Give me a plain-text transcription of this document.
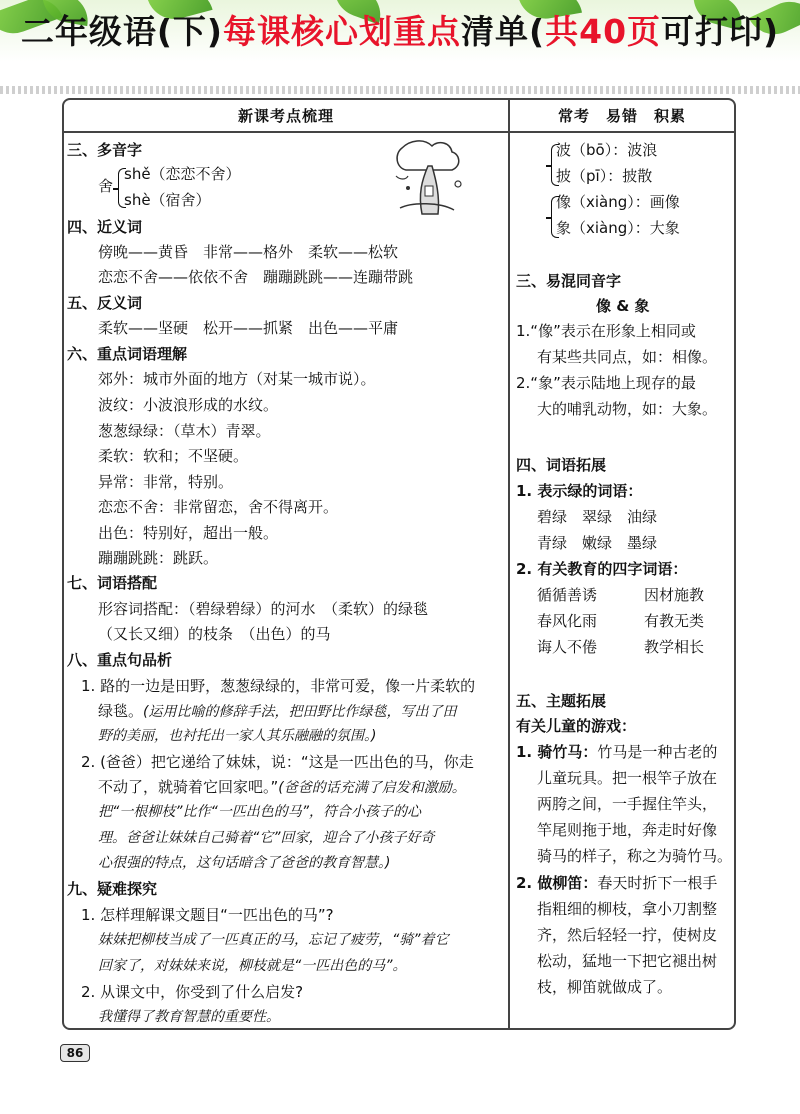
二年级语(下)每课核心划重点清单(共40页可打印)
新课考点梳理	常考　易错　积累
三、多音字
舍
shě（恋恋不舍）
shè（宿舍）
四、近义词
傍晚——黄昏　非常——格外　柔软——松软
恋恋不舍——依依不舍　蹦蹦跳跳——连蹦带跳
五、反义词
柔软——坚硬　松开——抓紧　出色——平庸
六、重点词语理解
郊外：城市外面的地方（对某一城市说）。
波纹：小波浪形成的水纹。
葱葱绿绿：（草木）青翠。
柔软：软和；不坚硬。
异常：非常，特别。
恋恋不舍：非常留恋，舍不得离开。
出色：特别好，超出一般。
蹦蹦跳跳：跳跃。
七、词语搭配
形容词搭配：（碧绿碧绿）的河水　（柔软）的绿毯
（又长又细）的枝条　（出色）的马
八、重点句品析
1. 路的一边是田野，葱葱绿绿的，非常可爱，像一片柔软的
绿毯。(运用比喻的修辞手法，把田野比作绿毯，写出了田
野的美丽，也衬托出一家人其乐融融的氛围。)
2. (爸爸）把它递给了妹妹，说：“这是一匹出色的马，你走
不动了，就骑着它回家吧。”(爸爸的话充满了启发和激励。
把“一根柳枝”比作“一匹出色的马”，符合小孩子的心
理。爸爸让妹妹自己骑着“它”回家，迎合了小孩子好奇
心很强的特点，这句话暗含了爸爸的教育智慧。)
九、疑难探究
1. 怎样理解课文题目“一匹出色的马”?
妹妹把柳枝当成了一匹真正的马，忘记了疲劳，“骑”着它
回家了，对妹妹来说，柳枝就是“一匹出色的马”。
2. 从课文中，你受到了什么启发?
我懂得了教育智慧的重要性。
波（bō）：波浪
披（pī）：披散
像（xiàng）：画像
象（xiàng）：大象
三、易混同音字
像 & 象
1.“像”表示在形象上相同或
有某些共同点，如：相像。
2.“象”表示陆地上现存的最
大的哺乳动物，如：大象。
四、词语拓展
1. 表示绿的词语：
碧绿　翠绿　油绿
青绿　嫩绿　墨绿
2. 有关教育的四字词语：
循循善诱	因材施教
春风化雨	有教无类
诲人不倦	教学相长
五、主题拓展
有关儿童的游戏：
1. 骑竹马：竹马是一种古老的
儿童玩具。把一根竿子放在
两胯之间，一手握住竿头，
竿尾则拖于地，奔走时好像
骑马的样子，称之为骑竹马。
2. 做柳笛：春天时折下一根手
指粗细的柳枝，拿小刀割整
齐，然后轻轻一拧，使树皮
松动，猛地一下把它褪出树
枝，柳笛就做成了。
86
